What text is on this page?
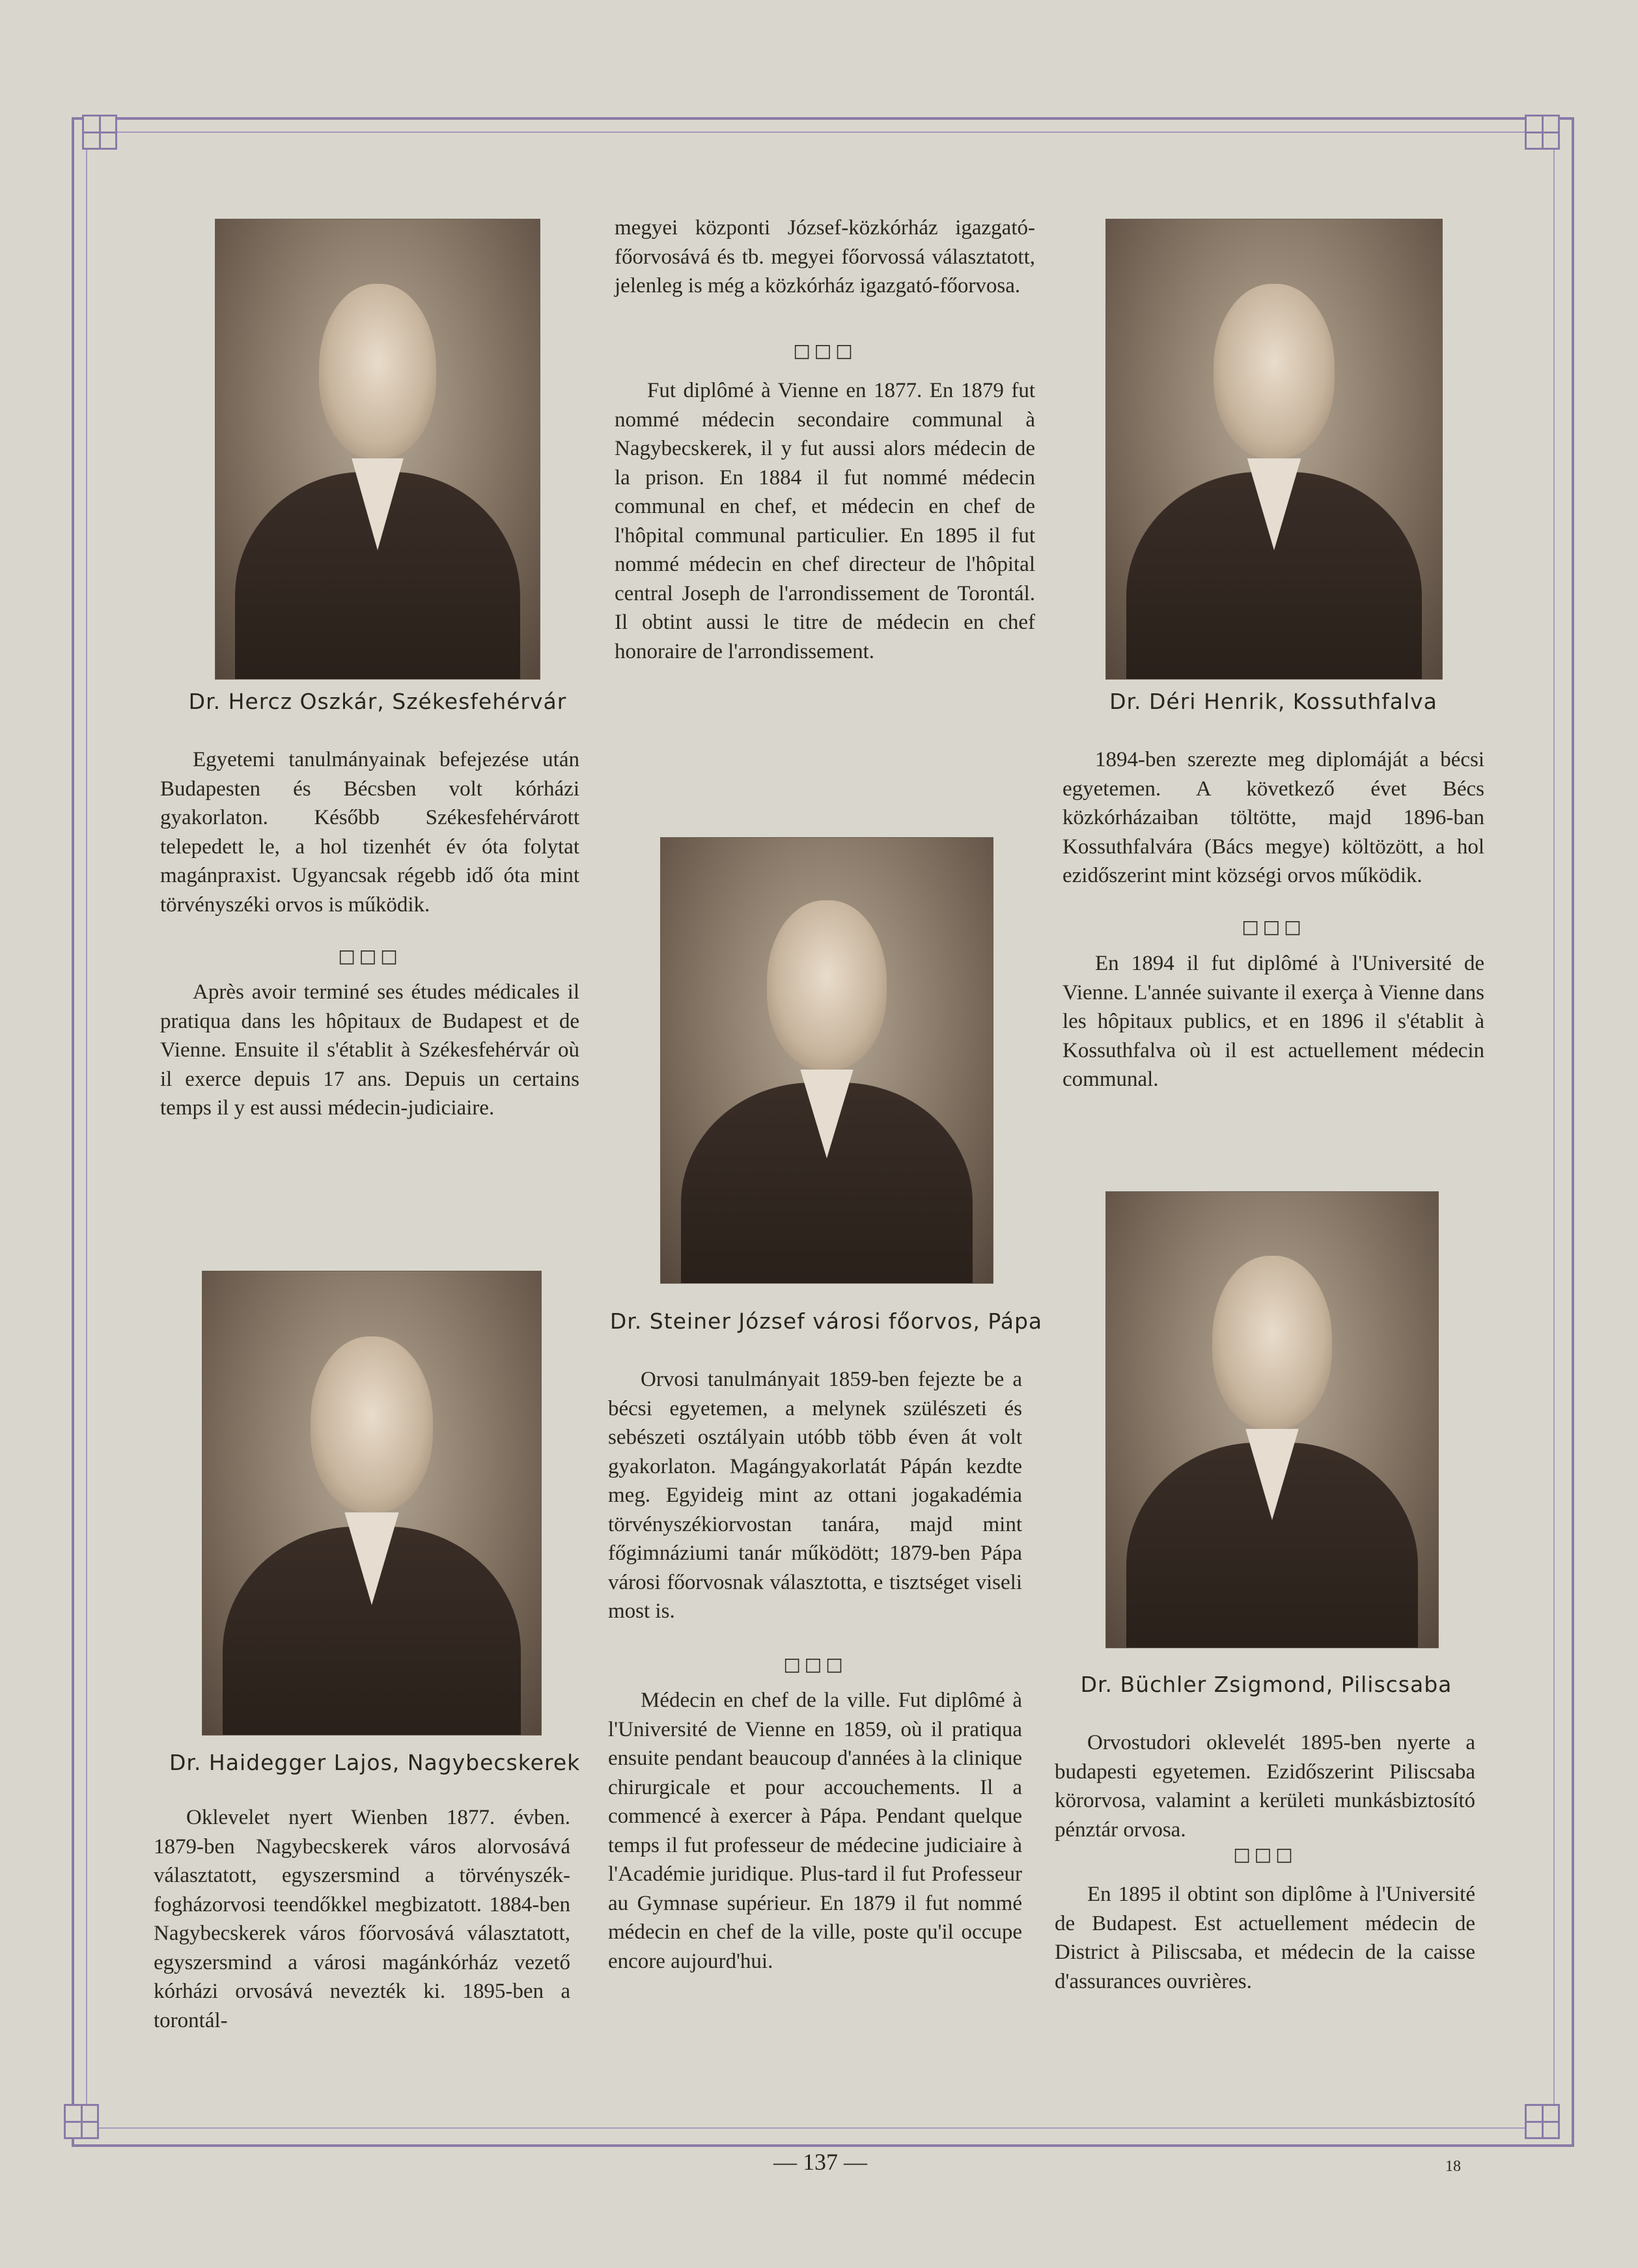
Dr. Hercz Oszkár, Székesfehérvár

Egyetemi tanulmányainak befejezése után Budapesten és Bécsben volt kórházi gyakorlaton. Később Székesfehérvárott telepedett le, a hol tizenhét év óta folytat magánpraxist. Ugyancsak régebb idő óta mint törvényszéki orvos is működik.

□□□

Après avoir terminé ses études médicales il pratiqua dans les hôpitaux de Budapest et de Vienne. Ensuite il s'établit à Székesfehérvár où il exerce depuis 17 ans. Depuis un certains temps il y est aussi médecin-judiciaire.

Dr. Haidegger Lajos, Nagybecskerek

Oklevelet nyert Wienben 1877. évben. 1879-ben Nagybecskerek város alorvosává választatott, egyszersmind a törvényszék-fogházorvosi teendőkkel megbizatott. 1884-ben Nagybecskerek város főorvosává választatott, egyszersmind a városi magánkórház vezető kórházi orvosává nevezték ki. 1895-ben a torontál-

megyei központi József-közkórház igazgató-főorvosává és tb. megyei főorvossá választatott, jelenleg is még a közkórház igazgató-főorvosa.

□□□

Fut diplômé à Vienne en 1877. En 1879 fut nommé médecin secondaire communal à Nagybecskerek, il y fut aussi alors médecin de la prison. En 1884 il fut nommé médecin communal en chef, et médecin en chef de l'hôpital communal particulier. En 1895 il fut nommé médecin en chef directeur de l'hôpital central Joseph de l'arrondissement de Torontál. Il obtint aussi le titre de médecin en chef honoraire de l'arrondissement.

Dr. Steiner József városi főorvos, Pápa

Orvosi tanulmányait 1859-ben fejezte be a bécsi egyetemen, a melynek szülészeti és sebészeti osztályain utóbb több éven át volt gyakorlaton. Magángyakorlatát Pápán kezdte meg. Egyideig mint az ottani jogakadémia törvényszékiorvostan tanára, majd mint főgimnáziumi tanár működött; 1879-ben Pápa városi főorvosnak választotta, e tisztséget viseli most is.

□□□

Médecin en chef de la ville. Fut diplômé à l'Université de Vienne en 1859, où il pratiqua ensuite pendant beaucoup d'années à la clinique chirurgicale et pour accouchements. Il a commencé à exercer à Pápa. Pendant quelque temps il fut professeur de médecine judiciaire à l'Académie juridique. Plus-tard il fut Professeur au Gymnase supérieur. En 1879 il fut nommé médecin en chef de la ville, poste qu'il occupe encore aujourd'hui.

Dr. Déri Henrik, Kossuthfalva

1894-ben szerezte meg diplomáját a bécsi egyetemen. A következő évet Bécs közkórházaiban töltötte, majd 1896-ban Kossuthfalvára (Bács megye) költözött, a hol ezidőszerint mint községi orvos működik.

□□□

En 1894 il fut diplômé à l'Université de Vienne. L'année suivante il exerça à Vienne dans les hôpitaux publics, et en 1896 il s'établit à Kossuthfalva où il est actuellement médecin communal.

Dr. Büchler Zsigmond, Piliscsaba

Orvostudori oklevelét 1895-ben nyerte a budapesti egyetemen. Ezidőszerint Piliscsaba körorvosa, valamint a kerületi munkásbiztosító pénztár orvosa.

□□□

En 1895 il obtint son diplôme à l'Université de Budapest. Est actuellement médecin de District à Piliscsaba, et médecin de la caisse d'assurances ouvrières.

— 137 —	18
